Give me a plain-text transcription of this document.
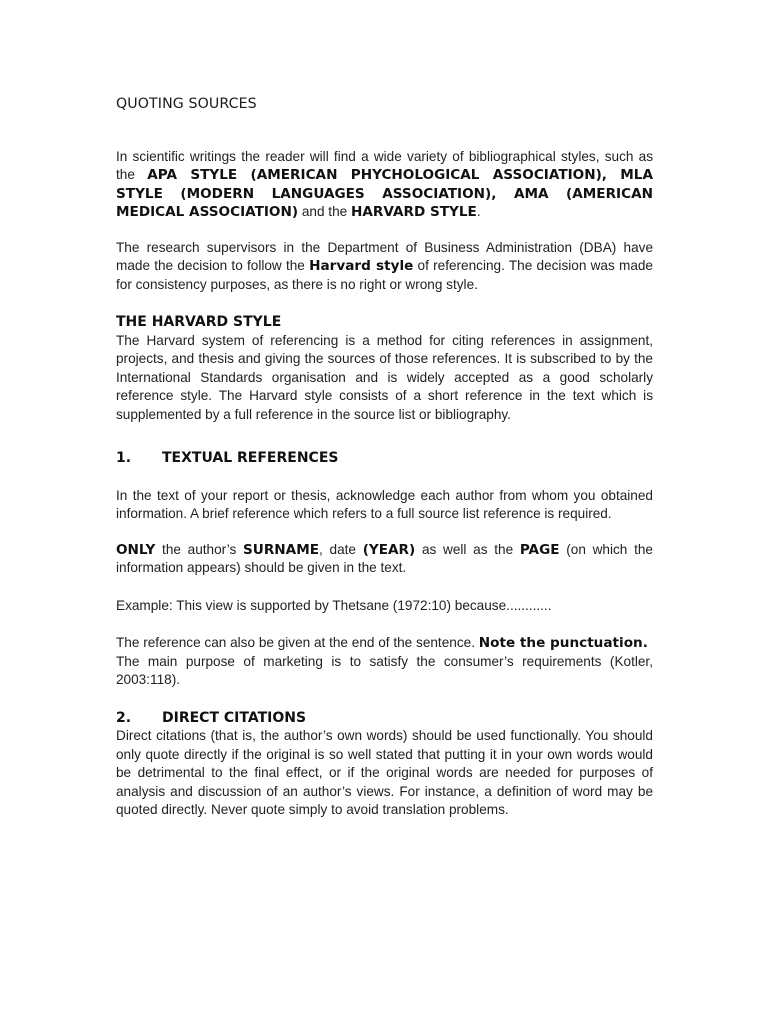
QUOTING SOURCES

In scientific writings the reader will find a wide variety of bibliographical styles, such as the APA STYLE (AMERICAN PHYCHOLOGICAL ASSOCIATION), MLA STYLE (MODERN LANGUAGES ASSOCIATION), AMA (AMERICAN MEDICAL ASSOCIATION) and the HARVARD STYLE.

The research supervisors in the Department of Business Administration (DBA) have made the decision to follow the Harvard style of referencing. The decision was made for consistency purposes, as there is no right or wrong style.

THE HARVARD STYLE

The Harvard system of referencing is a method for citing references in assignment, projects, and thesis and giving the sources of those references. It is subscribed to by the International Standards organisation and is widely accepted as a good scholarly reference style. The Harvard style consists of a short reference in the text which is supplemented by a full reference in the source list or bibliography.

1. TEXTUAL REFERENCES

In the text of your report or thesis, acknowledge each author from whom you obtained information. A brief reference which refers to a full source list reference is required.

ONLY the author’s SURNAME, date (YEAR) as well as the PAGE (on which the information appears) should be given in the text.

Example: This view is supported by Thetsane (1972:10) because............

The reference can also be given at the end of the sentence. Note the punctuation.

The main purpose of marketing is to satisfy the consumer’s requirements (Kotler, 2003:118).

2. DIRECT CITATIONS

Direct citations (that is, the author’s own words) should be used functionally. You should only quote directly if the original is so well stated that putting it in your own words would be detrimental to the final effect, or if the original words are needed for purposes of analysis and discussion of an author’s views. For instance, a definition of word may be quoted directly. Never quote simply to avoid translation problems.
